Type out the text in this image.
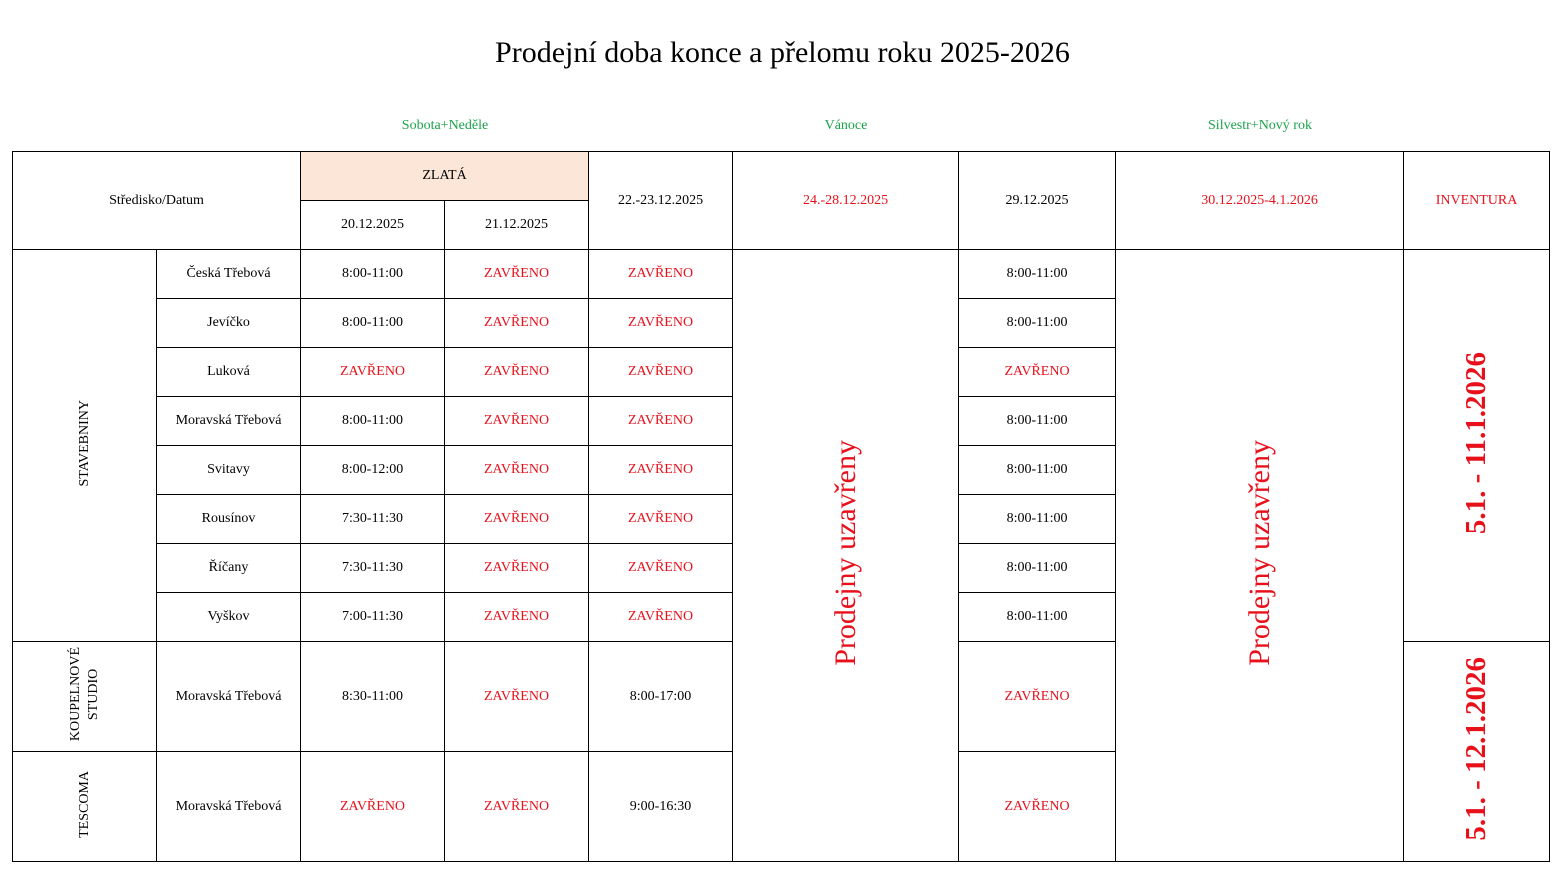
Prodejní doba konce a přelomu roku 2025-2026
Sobota+Neděle	Vánoce	Silvestr+Nový rok
Středisko/Datum		ZLATÁ		22.-23.12.2025	24.-28.12.2025	29.12.2025	30.12.2025-4.1.2026	INVENTURA
		20.12.2025	21.12.2025					
STAVEBNINY	Česká Třebová	8:00-11:00	ZAVŘENO	ZAVŘENO	Prodejny uzavřeny	8:00-11:00	Prodejny uzavřeny	5.1. - 11.1.2026
	Jevíčko	8:00-11:00	ZAVŘENO	ZAVŘENO		8:00-11:00		
	Luková	ZAVŘENO	ZAVŘENO	ZAVŘENO		ZAVŘENO		
	Moravská Třebová	8:00-11:00	ZAVŘENO	ZAVŘENO		8:00-11:00		
	Svitavy	8:00-12:00	ZAVŘENO	ZAVŘENO		8:00-11:00		
	Rousínov	7:30-11:30	ZAVŘENO	ZAVŘENO		8:00-11:00		
	Říčany	7:30-11:30	ZAVŘENO	ZAVŘENO		8:00-11:00		
	Vyškov	7:00-11:30	ZAVŘENO	ZAVŘENO		8:00-11:00		
KOUPELNOVÉ STUDIO	Moravská Třebová	8:30-11:00	ZAVŘENO	8:00-17:00		ZAVŘENO		5.1. - 12.1.2026
TESCOMA	Moravská Třebová	ZAVŘENO	ZAVŘENO	9:00-16:30		ZAVŘENO		
